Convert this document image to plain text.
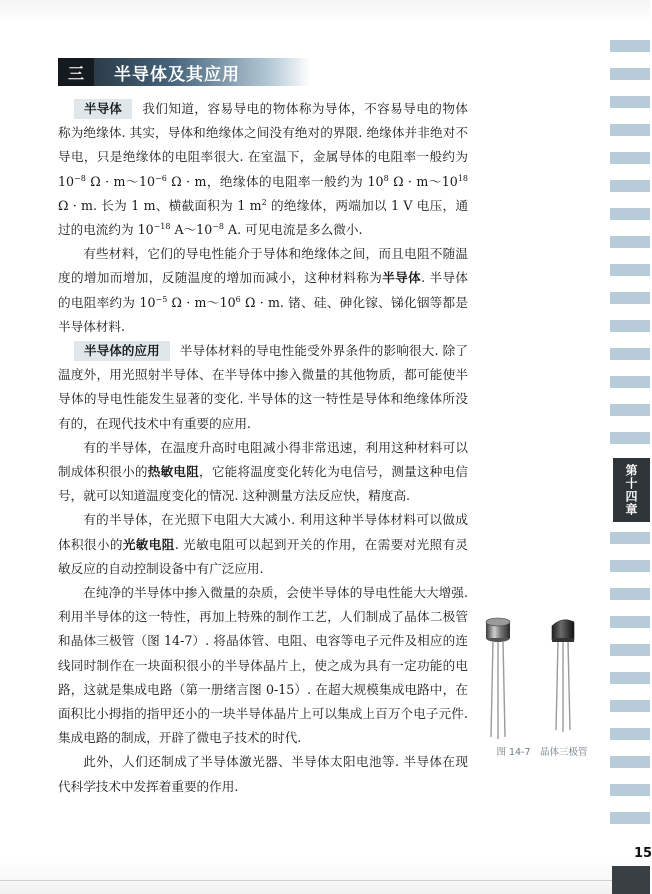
第十四章
三	半导体及其应用

半导体 我们知道，容易导电的物体称为导体，不容易导电的物体称为绝缘体. 其实，导体和绝缘体之间没有绝对的界限. 绝缘体并非绝对不导电，只是绝缘体的电阻率很大. 在室温下，金属导体的电阻率一般约为 $10^{-8}$ $\Omega \cdot m\sim 10^{-6}$ Ω · m，绝缘体的电阻率一般约为 $10^8$ $\Omega \cdot m\sim 10^{18}$ Ω · m. 长为 1 m、横截面积为 1 $m^2$ 的绝缘体，两端加以 1 V 电压，通过的电流约为 $10^{-18}$ $A\sim 10^{-8}$ A. 可见电流是多么微小.

有些材料，它们的导电性能介于导体和绝缘体之间，而且电阻不随温度的增加而增加，反随温度的增加而减小，这种材料称为半导体. 半导体的电阻率约为 $10^{-5}$ $\Omega \cdot m\sim 10^6$ Ω · m. 锗、硅、砷化镓、锑化铟等都是半导体材料.

半导体的应用 半导体材料的导电性能受外界条件的影响很大. 除了温度外，用光照射半导体、在半导体中掺入微量的其他物质，都可能使半导体的导电性能发生显著的变化. 半导体的这一特性是导体和绝缘体所没有的，在现代技术中有重要的应用.

有的半导体，在温度升高时电阻减小得非常迅速，利用这种材料可以制成体积很小的热敏电阻，它能将温度变化转化为电信号，测量这种电信号，就可以知道温度变化的情况. 这种测量方法反应快，精度高.

有的半导体，在光照下电阻大大减小. 利用这种半导体材料可以做成体积很小的光敏电阻. 光敏电阻可以起到开关的作用，在需要对光照有灵敏反应的自动控制设备中有广泛应用.

在纯净的半导体中掺入微量的杂质，会使半导体的导电性能大大增强. 利用半导体的这一特性，再加上特殊的制作工艺，人们制成了晶体二极管和晶体三极管（图 14-7）. 将晶体管、电阻、电容等电子元件及相应的连线同时制作在一块面积很小的半导体晶片上，使之成为具有一定功能的电路，这就是集成电路（第一册绪言图 0-15）. 在超大规模集成电路中，在面积比小拇指的指甲还小的一块半导体晶片上可以集成上百万个电子元件. 集成电路的制成，开辟了微电子技术的时代.

此外，人们还制成了半导体激光器、半导体太阳电池等. 半导体在现代科学技术中发挥着重要的作用.

图 14-7　晶体三极管
15
